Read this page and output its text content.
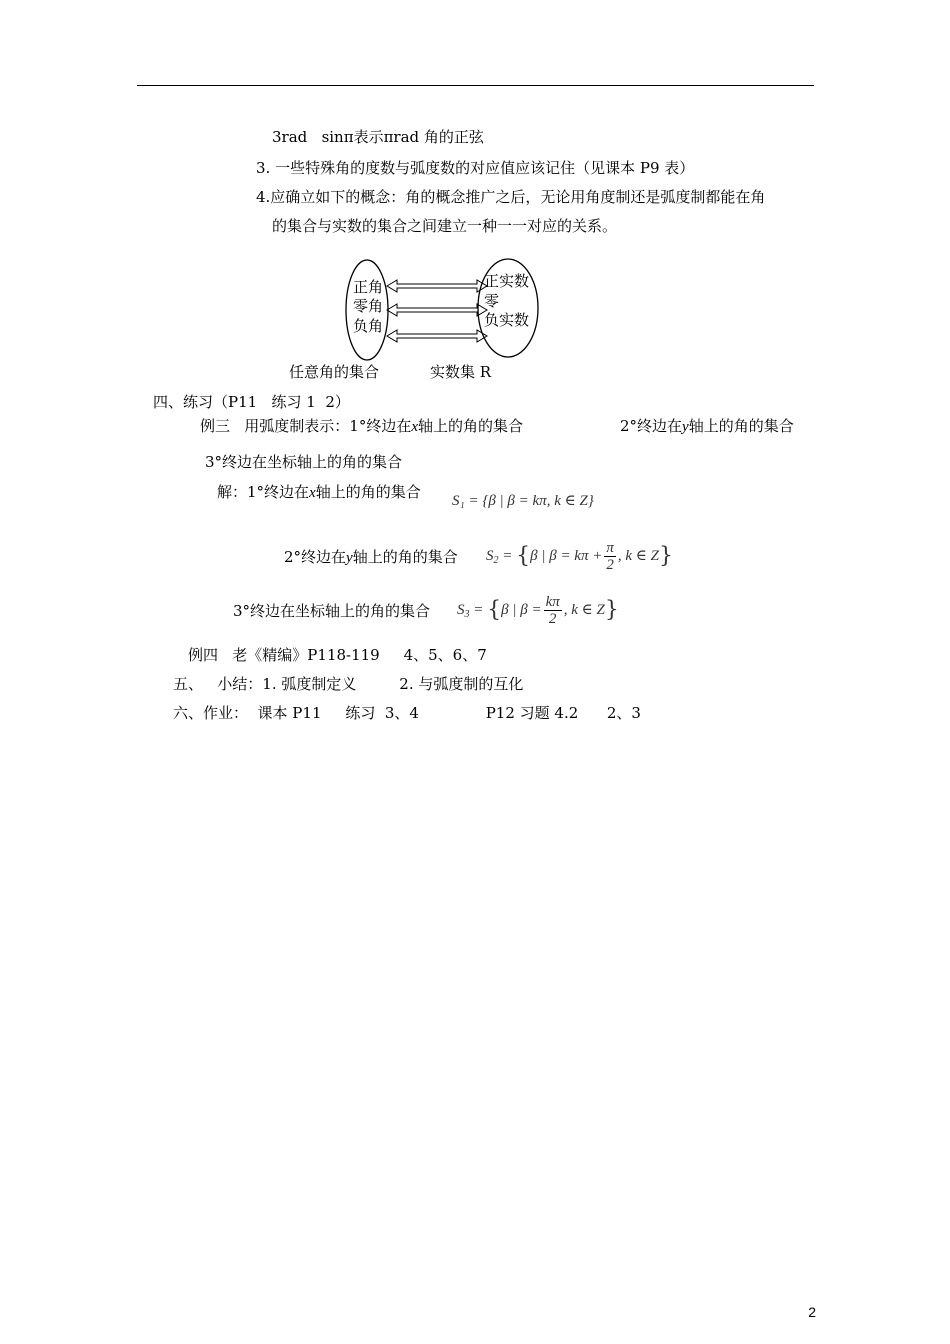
3rad   sinπ表示πrad 角的正弦
3. 一些特殊角的度数与弧度数的对应值应该记住（见课本 P9 表）
4.应确立如下的概念：角的概念推广之后，无论用角度制还是弧度制都能在角
的集合与实数的集合之间建立一种一一对应的关系。
正角
零角
负角
正实数
零
负实数
任意角的集合	实数集 R
四、练习（P11   练习 1  2）
例三   用弧度制表示：1°终边在x轴上的角的集合	2°终边在y轴上的角的集合
3°终边在坐标轴上的角的集合
解：1°终边在x轴上的角的集合 S₁ = {β | β = kπ, k ∈ Z}
2°终边在y轴上的角的集合 $S_2 = \{\beta$ | $\beta = k\pi + \frac{\pi}{2}$ , k ∈ Z}
3°终边在坐标轴上的角的集合 $S_3 = \{\beta$ | $\beta = \frac{k\pi}{2}$ , k ∈ Z}
例四   老《精编》P118-119     4、5、6、7
五、   小结：1. 弧度制定义         2. 与弧度制的互化
六、作业：  课本 P11     练习  3、4              P12 习题 4.2      2、3
2
